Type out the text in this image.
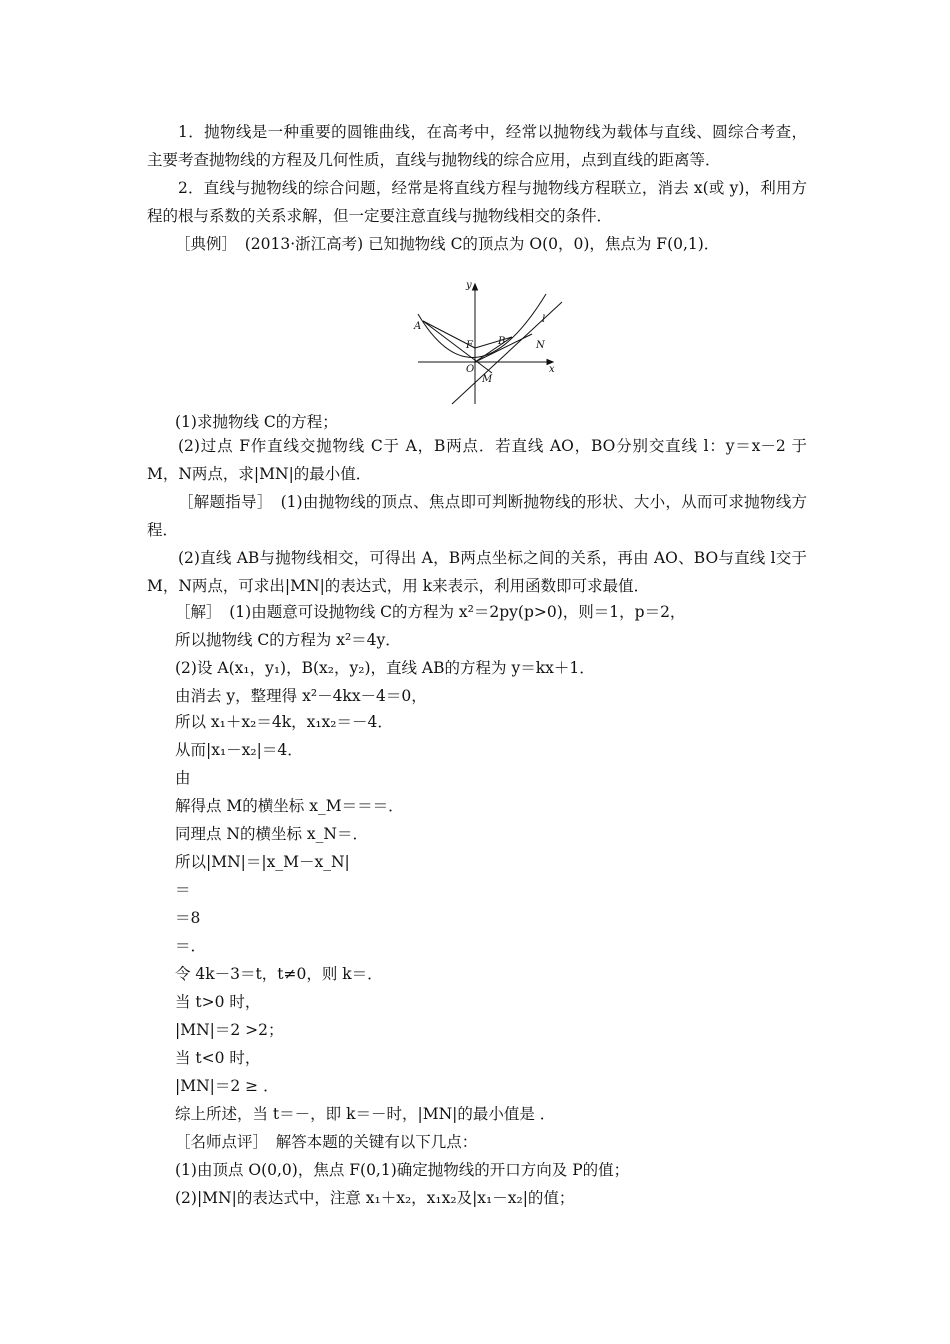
1．抛物线是一种重要的圆锥曲线，在高考中，经常以抛物线为载体与直线、圆综合考查，主要考查抛物线的方程及几何性质，直线与抛物线的综合应用，点到直线的距离等．
2．直线与抛物线的综合问题，经常是将直线方程与抛物线方程联立，消去 x(或 y)，利用方程的根与系数的关系求解，但一定要注意直线与抛物线相交的条件．
［典例］　(2013·浙江高考) 已知抛物线 C的顶点为 O(0，0)，焦点为 F(0,1)．
y
x
A
B
F
O
M
N
l
(1)求抛物线 C的方程；
(2)过点 F作直线交抛物线 C于 A，B两点．若直线 AO，BO分别交直线 l：y＝x－2 于 M，N两点，求|MN|的最小值．
［解题指导］　(1)由抛物线的顶点、焦点即可判断抛物线的形状、大小，从而可求抛物线方程．
(2)直线 AB与抛物线相交，可得出 A，B两点坐标之间的关系，再由 AO、BO与直线 l交于 M，N两点，可求出|MN|的表达式，用 k来表示，利用函数即可求最值．
［解］　(1)由题意可设抛物线 C的方程为 x²＝2py(p>0)，则＝1，p＝2，
所以抛物线 C的方程为 x²＝4y．
(2)设 A(x₁，y₁)，B(x₂，y₂)，直线 AB的方程为 y＝kx＋1．
由消去 y，整理得 x²－4kx－4＝0，
所以 x₁＋x₂＝4k，x₁x₂＝－4．
从而|x₁－x₂|＝4．
由
解得点 M的横坐标 x_M＝＝＝．
同理点 N的横坐标 x_N＝．
所以|MN|＝|x_M－x_N|
＝
＝8
＝．
令 4k－3＝t，t≠0，则 k＝．
当 t>0 时，
|MN|＝2 >2；
当 t<0 时，
|MN|＝2 ≥ ．
综上所述，当 t＝－，即 k＝－时，|MN|的最小值是 ．
［名师点评］　解答本题的关键有以下几点：
(1)由顶点 O(0,0)，焦点 F(0,1)确定抛物线的开口方向及 P的值；
(2)|MN|的表达式中，注意 x₁＋x₂，x₁x₂及|x₁－x₂|的值；
